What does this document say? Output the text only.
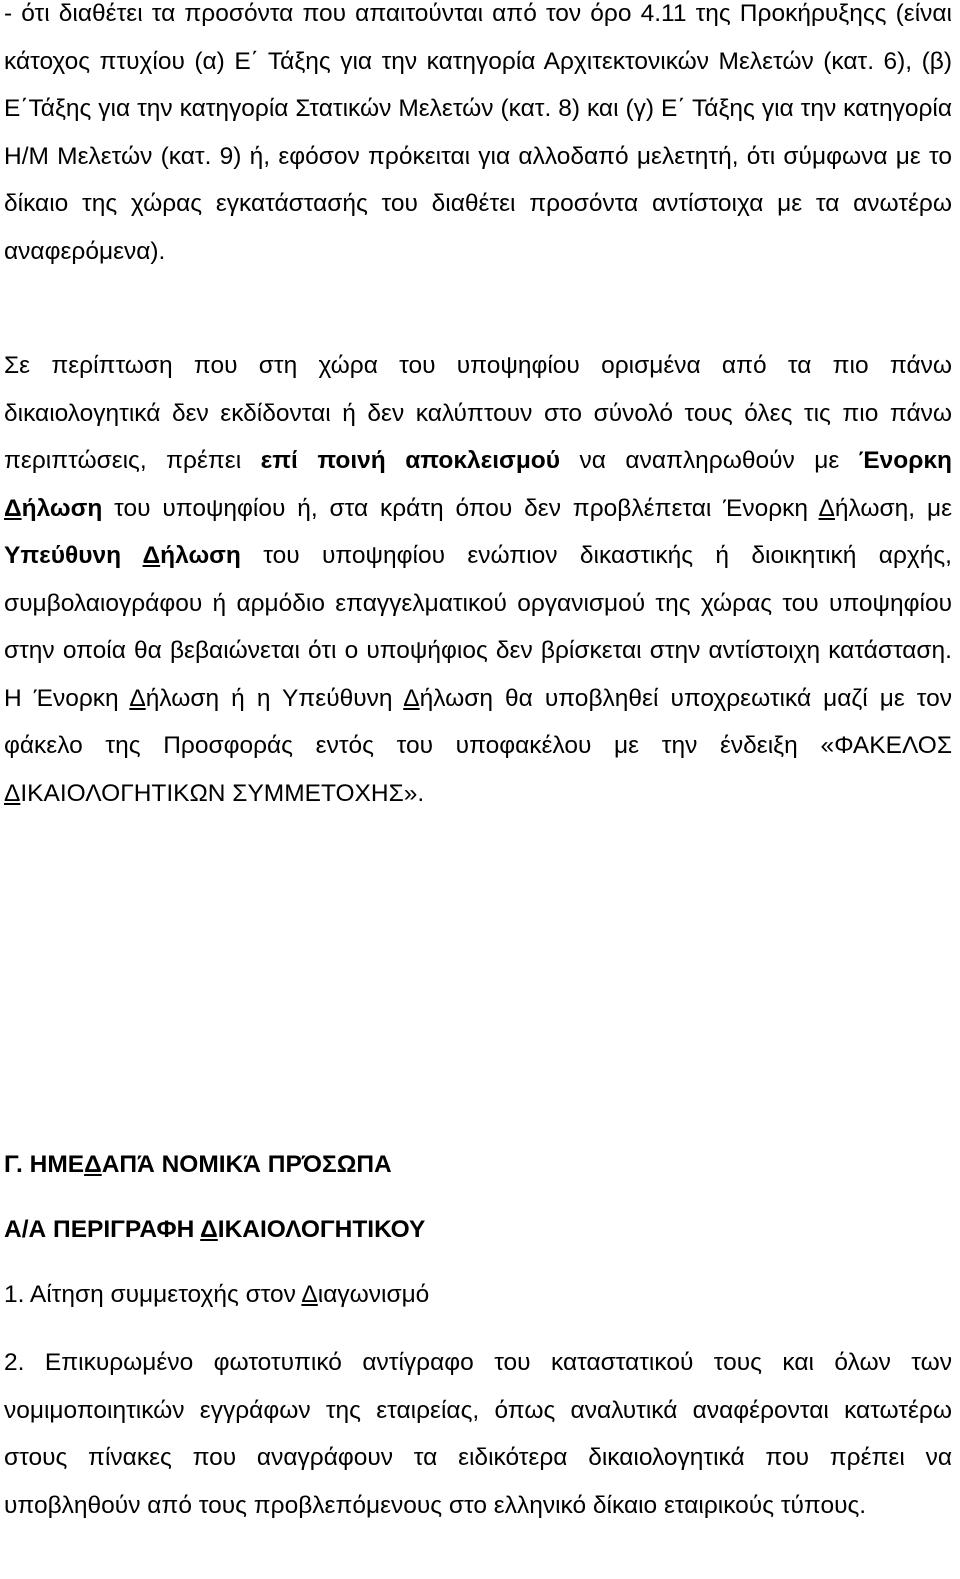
- ότι διαθέτει τα προσόντα που απαιτούνται από τον όρο 4.11 της Προκήρυξηςς (είναι κάτοχος πτυχίου (α) Ε΄ Τάξης για την κατηγορία Αρχιτεκτονικών Μελετών (κατ. 6), (β) Ε΄Τάξης για την κατηγορία Στατικών Μελετών (κατ. 8) και (γ) Ε΄ Τάξης για την κατηγορία Η/Μ Μελετών (κατ. 9) ή, εφόσον πρόκειται για αλλοδαπό μελετητή, ότι σύμφωνα με το δίκαιο της χώρας εγκατάστασής του διαθέτει προσόντα αντίστοιχα με τα ανωτέρω αναφερόμενα).

Σε περίπτωση που στη χώρα του υποψηφίου ορισμένα από τα πιο πάνω δικαιολογητικά δεν εκδίδονται ή δεν καλύπτουν στο σύνολό τους όλες τις πιο πάνω περιπτώσεις, πρέπει επί ποινή αποκλεισμού να αναπληρωθούν με Ένορκη Δήλωση του υποψηφίου ή, στα κράτη όπου δεν προβλέπεται Ένορκη Δήλωση, με Υπεύθυνη Δήλωση του υποψηφίου ενώπιον δικαστικής ή διοικητική αρχής, συμβολαιογράφου ή αρμόδιο επαγγελματικού οργανισμού της χώρας του υποψηφίου στην οποία θα βεβαιώνεται ότι ο υποψήφιος δεν βρίσκεται στην αντίστοιχη κατάσταση. Η Ένορκη Δήλωση ή η Υπεύθυνη Δήλωση θα υποβληθεί υποχρεωτικά μαζί με τον φάκελο της Προσφοράς εντός του υποφακέλου με την ένδειξη «ΦΑΚΕΛΟΣ ΔΙΚΑΙΟΛΟΓΗΤΙΚΩΝ ΣΥΜΜΕΤΟΧΗΣ».

Γ. ΗΜΕΔΑΠΆ ΝΟΜΙΚΆ ΠΡΌΣΩΠΑ

Α/Α ΠΕΡΙΓΡΑΦΗ ΔΙΚΑΙΟΛΟΓΗΤΙΚΟΥ

1. Αίτηση συμμετοχής στον Διαγωνισμό

2. Επικυρωμένο φωτοτυπικό αντίγραφο του καταστατικού τους και όλων των νομιμοποιητικών εγγράφων της εταιρείας, όπως αναλυτικά αναφέρονται κατωτέρω στους πίνακες που αναγράφουν τα ειδικότερα δικαιολογητικά που πρέπει να υποβληθούν από τους προβλεπόμενους στο ελληνικό δίκαιο εταιρικούς τύπους.
